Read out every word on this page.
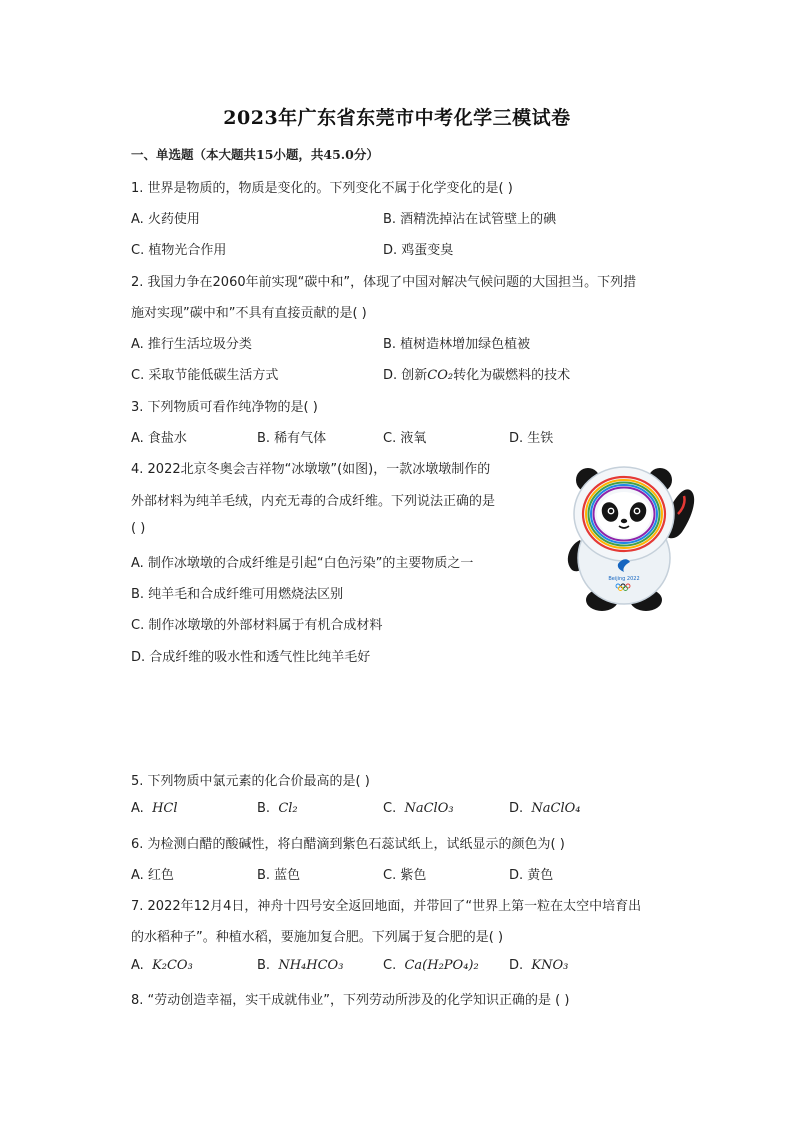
2023年广东省东莞市中考化学三模试卷
一、单选题（本大题共15小题，共45.0分）
1. 世界是物质的，物质是变化的。下列变化不属于化学变化的是( )
A. 火药使用	B. 酒精洗掉沾在试管壁上的碘
C. 植物光合作用	D. 鸡蛋变臭
2. 我国力争在2060年前实现“碳中和”，体现了中国对解决气候问题的大国担当。下列措
施对实现”碳中和”不具有直接贡献的是( )
A. 推行生活垃圾分类	B. 植树造林增加绿色植被
C. 采取节能低碳生活方式	D. 创新CO₂转化为碳燃料的技术
3. 下列物质可看作纯净物的是( )
A. 食盐水	B. 稀有气体	C. 液氧	D. 生铁
4. 2022北京冬奥会吉祥物“冰墩墩”(如图)，一款冰墩墩制作的
外部材料为纯羊毛绒，内充无毒的合成纤维。下列说法正确的是
( )
A. 制作冰墩墩的合成纤维是引起“白色污染”的主要物质之一
B. 纯羊毛和合成纤维可用燃烧法区别
C. 制作冰墩墩的外部材料属于有机合成材料
D. 合成纤维的吸水性和透气性比纯羊毛好
Beijing 2022
5. 下列物质中氯元素的化合价最高的是( )
A. HCl	B. Cl₂	C. NaClO₃	D. NaClO₄
6. 为检测白醋的酸碱性，将白醋滴到紫色石蕊试纸上，试纸显示的颜色为( )
A. 红色	B. 蓝色	C. 紫色	D. 黄色
7. 2022年12月4日，神舟十四号安全返回地面，并带回了“世界上第一粒在太空中培育出
的水稻种子”。种植水稻，要施加复合肥。下列属于复合肥的是( )
A. K₂CO₃	B. NH₄HCO₃	C. Ca(H₂PO₄)₂ D. KNO₃
8. “劳动创造幸福，实干成就伟业”，下列劳动所涉及的化学知识正确的是 ( )
